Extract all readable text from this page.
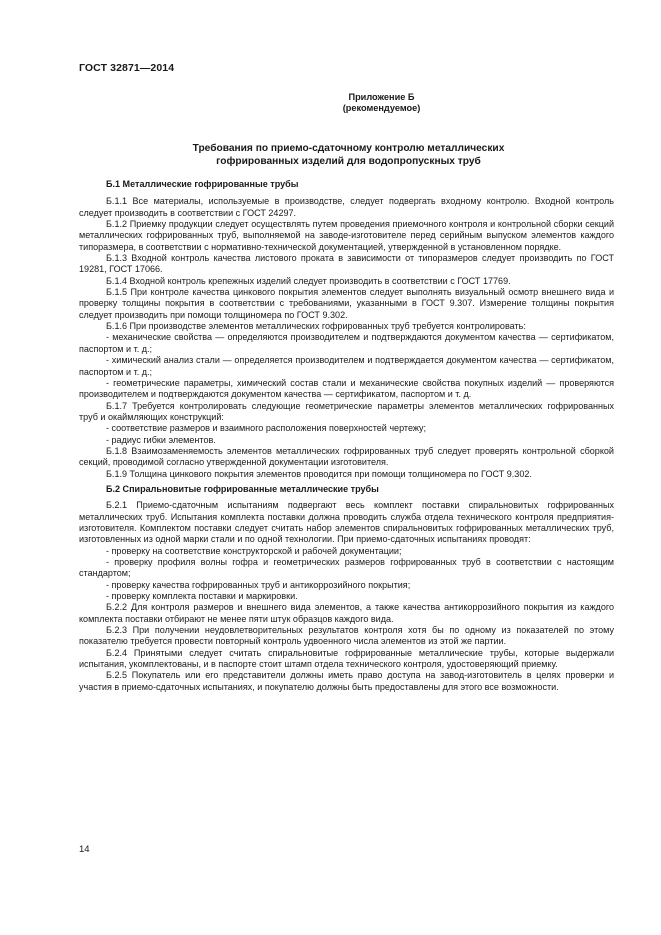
ГОСТ 32871—2014
Приложение Б
(рекомендуемое)
Требования по приемо-сдаточному контролю металлических
гофрированных изделий для водопропускных труб

Б.1 Металлические гофрированные трубы

Б.1.1 Все материалы, используемые в производстве, следует подвергать входному контролю. Входной контроль следует производить в соответствии с ГОСТ 24297.

Б.1.2 Приемку продукции следует осуществлять путем проведения приемочного контроля и контрольной сборки секций металлических гофрированных труб, выполняемой на заводе-изготовителе перед серийным выпуском элементов каждого типоразмера, в соответствии с нормативно-технической документацией, утвержденной в установленном порядке.

Б.1.3 Входной контроль качества листового проката в зависимости от типоразмеров следует производить по ГОСТ 19281, ГОСТ 17066.

Б.1.4 Входной контроль крепежных изделий следует производить в соответствии с ГОСТ 17769.

Б.1.5 При контроле качества цинкового покрытия элементов следует выполнять визуальный осмотр внешнего вида и проверку толщины покрытия в соответствии с требованиями, указанными в ГОСТ 9.307. Измерение толщины покрытия следует производить при помощи толщиномера по ГОСТ 9.302.

Б.1.6 При производстве элементов металлических гофрированных труб требуется контролировать:

- механические свойства — определяются производителем и подтверждаются документом качества — сертификатом, паспортом и т. д.;

- химический анализ стали — определяется производителем и подтверждается документом качества — сертификатом, паспортом и т. д.;

- геометрические параметры, химический состав стали и механические свойства покупных изделий — проверяются производителем и подтверждаются документом качества — сертификатом, паспортом и т. д.

Б.1.7 Требуется контролировать следующие геометрические параметры элементов металлических гофрированных труб и окаймляющих конструкций:

- соответствие размеров и взаимного расположения поверхностей чертежу;

- радиус гибки элементов.

Б.1.8 Взаимозаменяемость элементов металлических гофрированных труб следует проверять контрольной сборкой секций, проводимой согласно утвержденной документации изготовителя.

Б.1.9 Толщина цинкового покрытия элементов проводится при помощи толщиномера по ГОСТ 9.302.

Б.2 Спиральновитые гофрированные металлические трубы

Б.2.1 Приемо-сдаточным испытаниям подвергают весь комплект поставки спиральновитых гофрированных металлических труб. Испытания комплекта поставки должна проводить служба отдела технического контроля предприятия-изготовителя. Комплектом поставки следует считать набор элементов спиральновитых гофрированных металлических труб, изготовленных из одной марки стали и по одной технологии. При приемо-сдаточных испытаниях проводят:

- проверку на соответствие конструкторской и рабочей документации;

- проверку профиля волны гофра и геометрических размеров гофрированных труб в соответствии с настоящим стандартом;

- проверку качества гофрированных труб и антикоррозийного покрытия;

- проверку комплекта поставки и маркировки.

Б.2.2 Для контроля размеров и внешнего вида элементов, а также качества антикоррозийного покрытия из каждого комплекта поставки отбирают не менее пяти штук образцов каждого вида.

Б.2.3 При получении неудовлетворительных результатов контроля хотя бы по одному из показателей по этому показателю требуется провести повторный контроль удвоенного числа элементов из этой же партии.

Б.2.4 Принятыми следует считать спиральновитые гофрированные металлические трубы, которые выдержали испытания, укомплектованы, и в паспорте стоит штамп отдела технического контроля, удостоверяющий приемку.

Б.2.5 Покупатель или его представители должны иметь право доступа на завод-изготовитель в целях проверки и участия в приемо-сдаточных испытаниях, и покупателю должны быть предоставлены для этого все возможности.

14
